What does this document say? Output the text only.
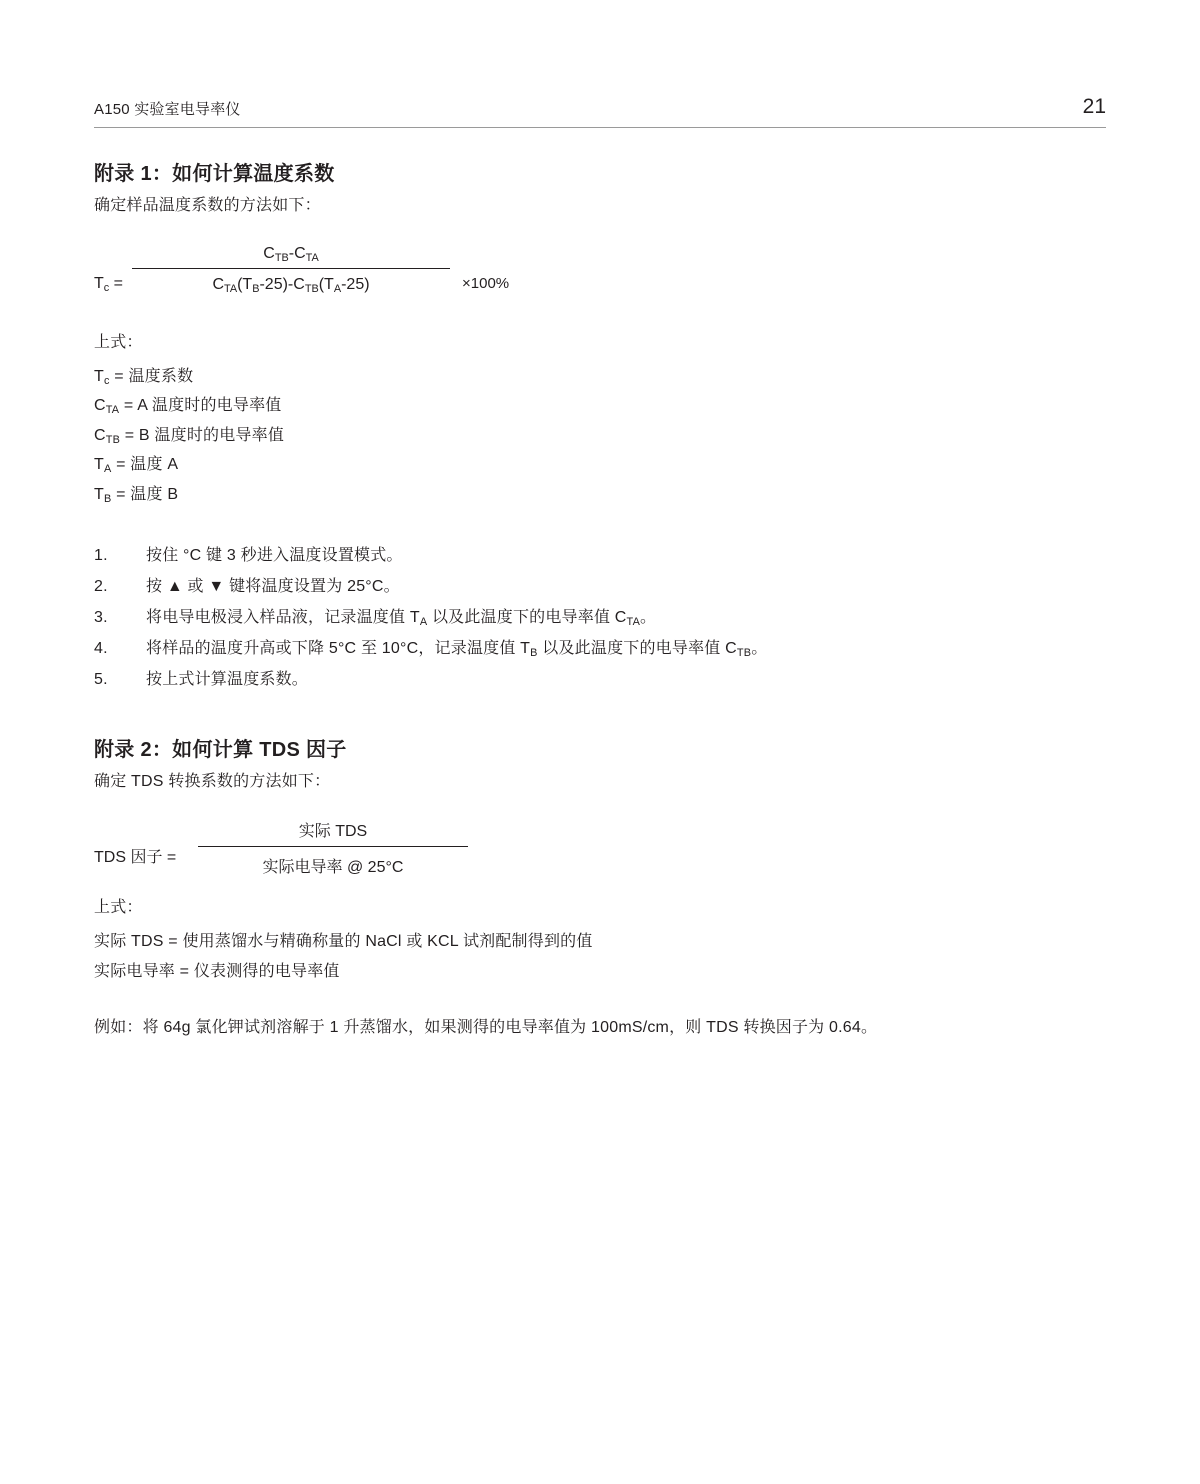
A150 实验室电导率仪	21
附录 1：如何计算温度系数

确定样品温度系数的方法如下：

$T_c$ =
$C_{TB}-C_{TA}$
$C_{TA}(T_B-25)-C_{TB}(T_A-25)$	×100%

上式：

$T_c$ = 温度系数

$C_{TA} = A$ 温度时的电导率值

$C_{TB} = B$ 温度时的电导率值

$T_A$ = 温度 A

$T_B$ = 温度 B

1.	按住 °C 键 3 秒进入温度设置模式。
2.	按 ▲ 或 ▼ 键将温度设置为 25°C。
3.	将电导电极浸入样品液，记录温度值 $T_A$ 以及此温度下的电导率值 $C_{TA}$。
4.	将样品的温度升高或下降 5°C 至 10°C，记录温度值 $T_B$ 以及此温度下的电导率值 $C_{TB}$。
5.	按上式计算温度系数。
附录 2：如何计算 TDS 因子

确定 TDS 转换系数的方法如下：

TDS 因子 =
实际 TDS
实际电导率 @ 25°C

上式：

实际 TDS = 使用蒸馏水与精确称量的 NaCl 或 KCL 试剂配制得到的值

实际电导率 = 仪表测得的电导率值

例如：将 64g 氯化钾试剂溶解于 1 升蒸馏水，如果测得的电导率值为 100mS/cm，则 TDS 转换因子为 0.64。
